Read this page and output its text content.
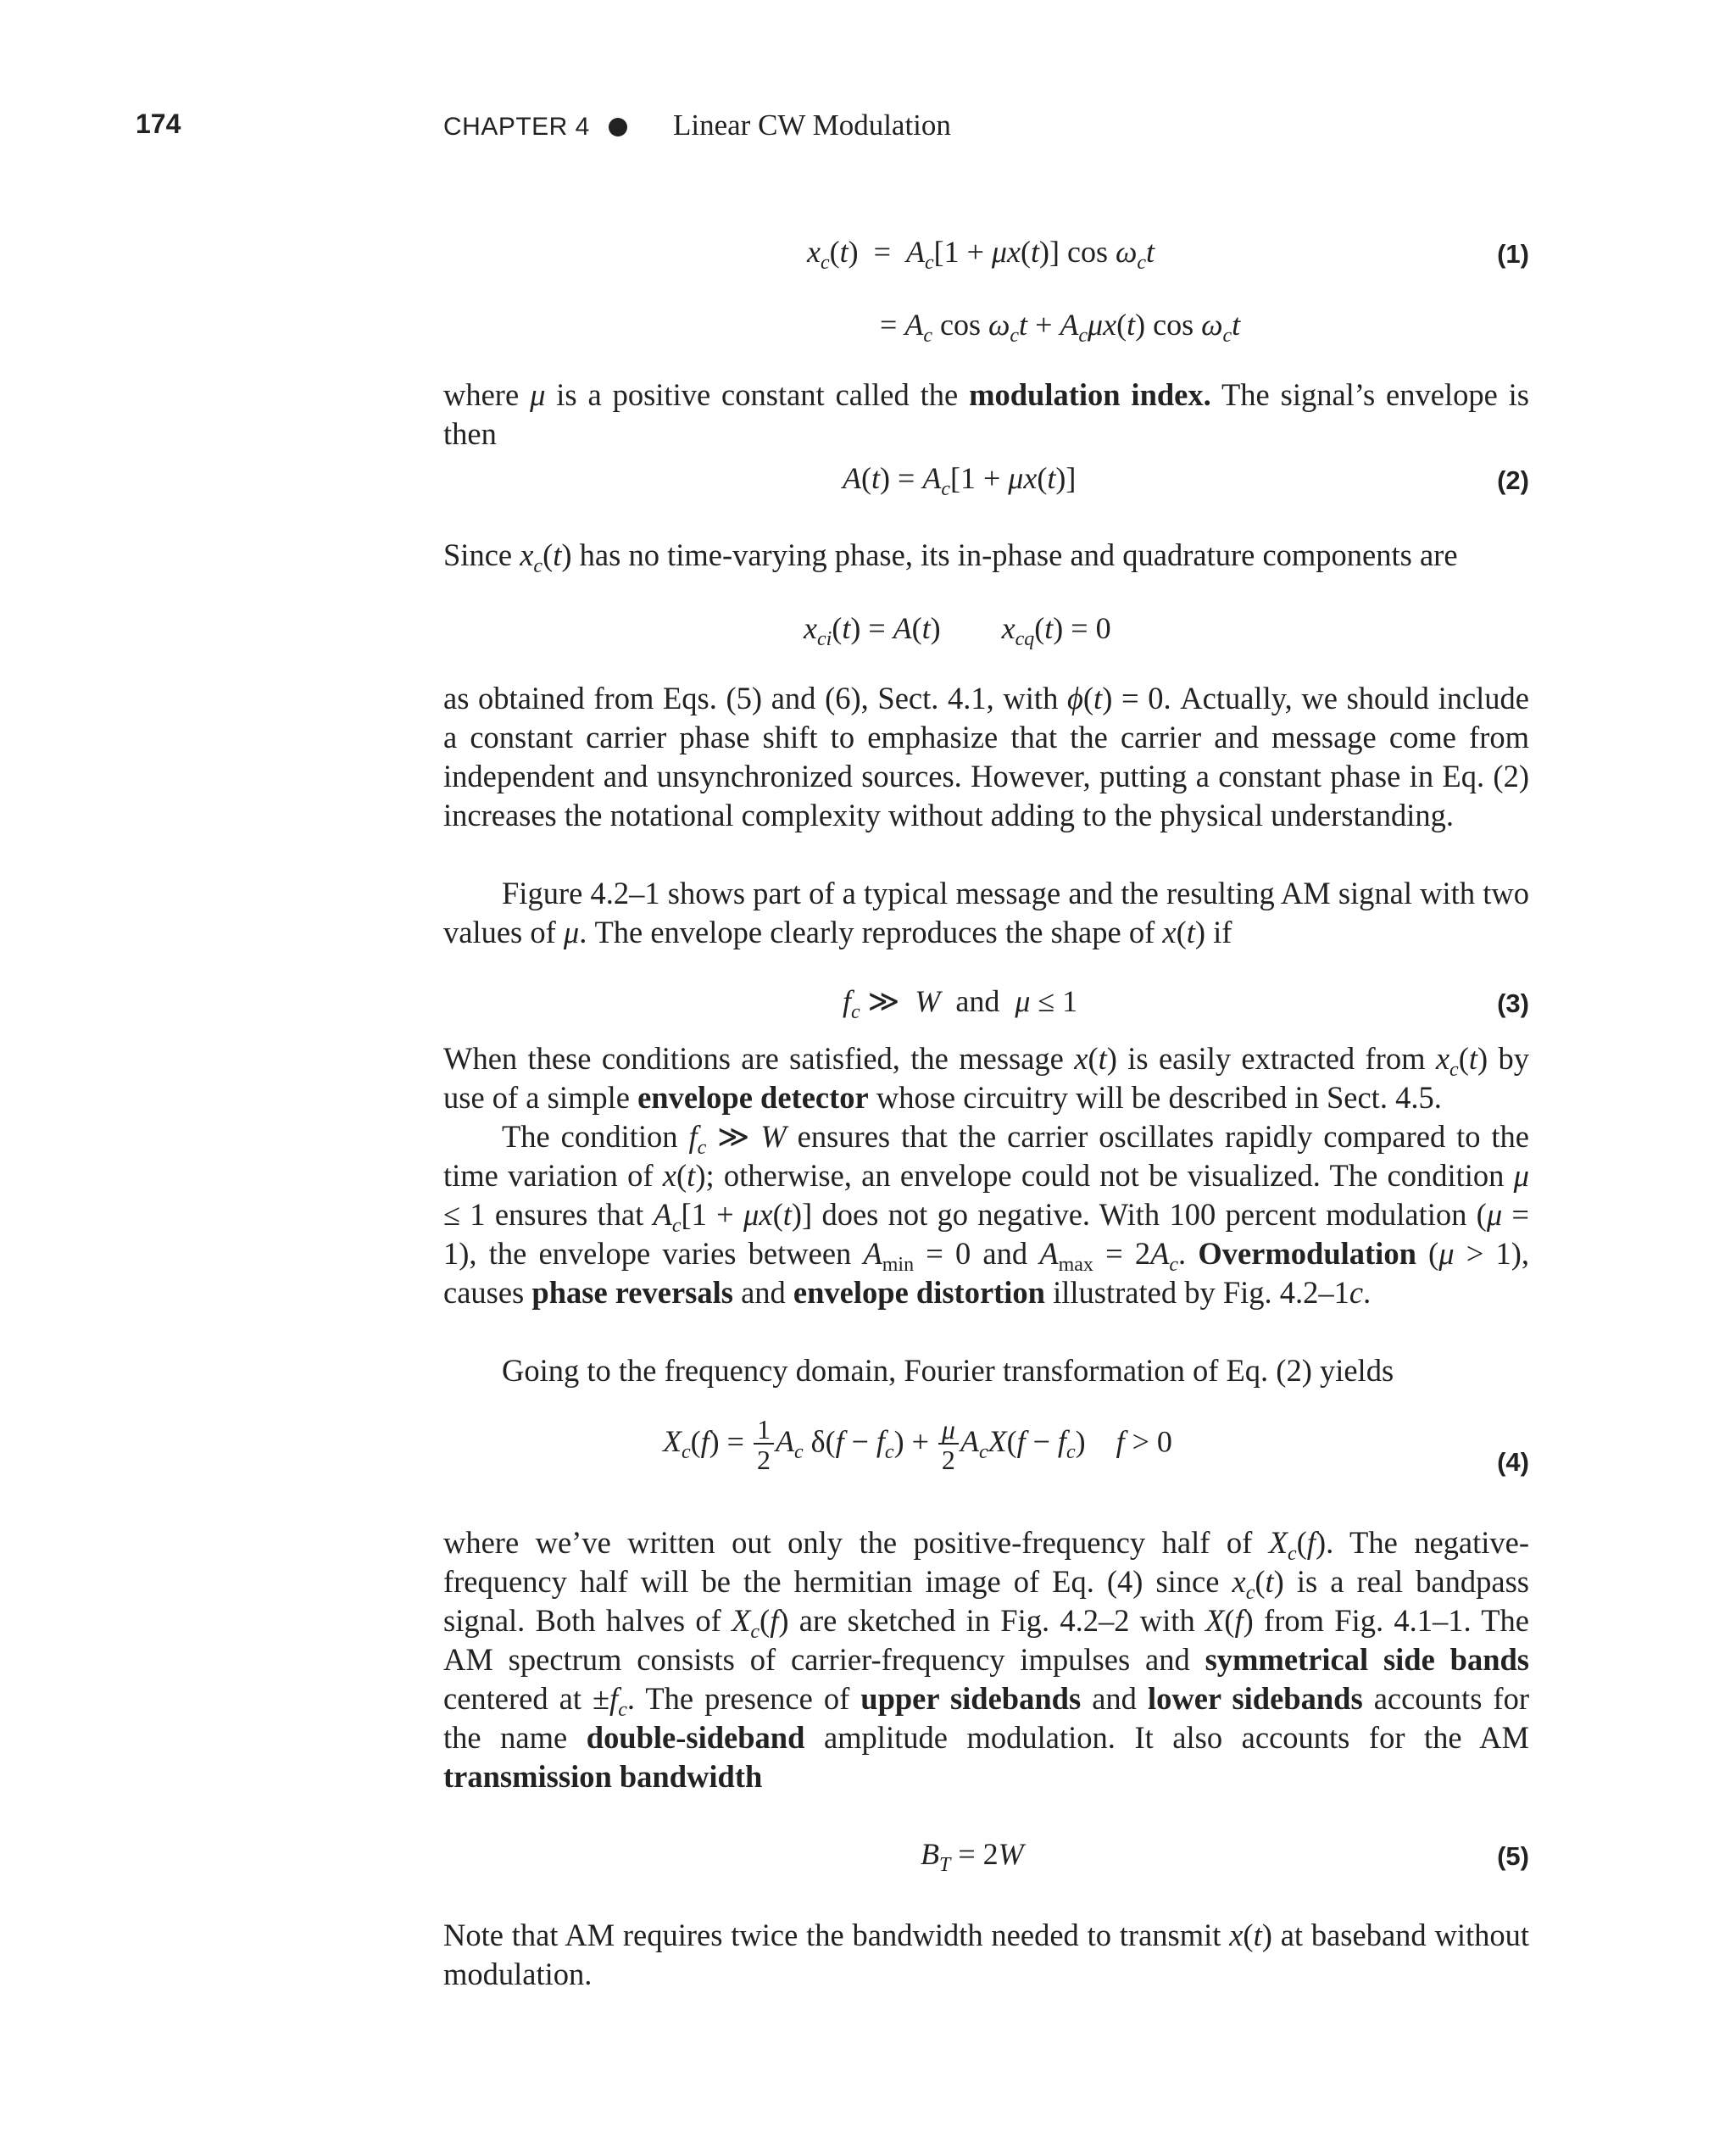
174	CHAPTER 4	Linear CW Modulation
$x_c(t) = A_c[1 + \mu x(t)]$ $\cos \omega_ct$	(1)
= $A_c$ $\cos \omega_ct + A_c\mu x(t)$ $\cos \omega_ct$
where μ is a positive constant called the modulation index. The signal’s envelope is then
$A(t) = A_c[1 + \mu x(t)]$	(2)
Since $x_c(t)$ has no time-varying phase, its in-phase and quadrature components are
$x_{ci}(t) = A(t)$        $x_{cq}(t) = 0$
as obtained from Eqs. (5) and (6), Sect. 4.1, with ϕ(t) = 0. Actually, we should include a constant carrier phase shift to emphasize that the carrier and message come from independent and unsynchronized sources. However, putting a constant phase in Eq. (2) increases the notational complexity without adding to the physical understanding.
Figure 4.2–1 shows part of a typical message and the resulting AM signal with two values of μ. The envelope clearly reproduces the shape of x(t) if
$f_c$ ≫  W  and  μ ≤ 1	(3)
When these conditions are satisfied, the message x(t) is easily extracted from $x_c(t)$ by use of a simple envelope detector whose circuitry will be described in Sect. 4.5.
The condition $f_c$ ≫ W ensures that the carrier oscillates rapidly compared to the time variation of x(t); otherwise, an envelope could not be visualized. The condition μ ≤ 1 ensures that $A_c[1 + \mu x(t)]$ does not go negative. With 100 percent modulation (μ = 1), the envelope varies between $A_{min} = 0$ and $A_{max} = 2A_c$. Overmodulation (μ > 1), causes phase reversals and envelope distortion illustrated by Fig. 4.2–1c.
Going to the frequency domain, Fourier transformation of Eq. (2) yields
$X_c(f) = \frac{1}{2} A_c$ $\delta(f - f_c) + \frac{\mu}{2} A_cX(f - f_c)$    f > 0
(4)
where we’ve written out only the positive-frequency half of $X_c(f)$. The negative-frequency half will be the hermitian image of Eq. (4) since $x_c(t)$ is a real bandpass signal. Both halves of $X_c(f)$ are sketched in Fig. 4.2–2 with X(f) from Fig. 4.1–1. The AM spectrum consists of carrier-frequency impulses and symmetrical side bands centered at $\pm f_c$. The presence of upper sidebands and lower sidebands accounts for the name double-sideband amplitude modulation. It also accounts for the AM transmission bandwidth
$B_T = 2W$	(5)
Note that AM requires twice the bandwidth needed to transmit x(t) at baseband without modulation.
